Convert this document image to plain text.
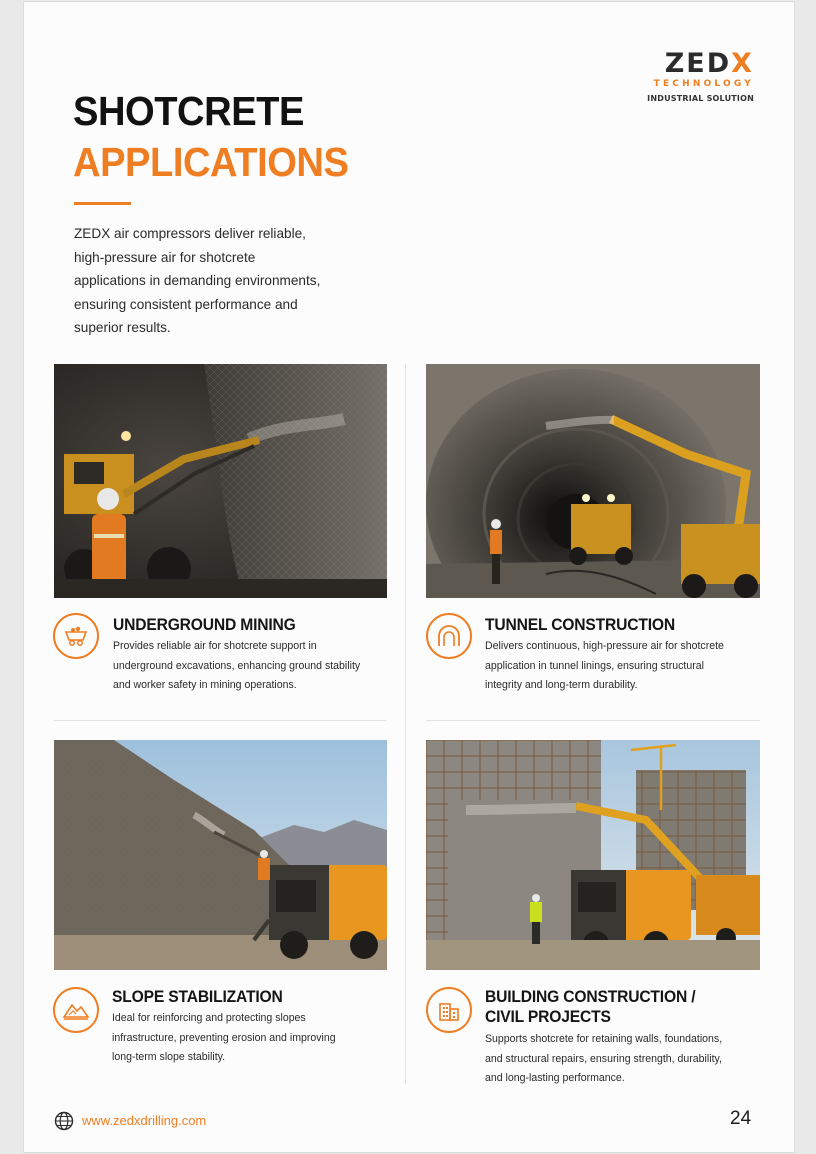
ZEDX
TECHNOLOGY
INDUSTRIAL SOLUTION
SHOTCRETE
APPLICATIONS

ZEDX air compressors deliver reliable, high-pressure air for shotcrete applications in demanding environments, ensuring consistent performance and superior results.

UNDERGROUND MINING

Provides reliable air for shotcrete support in underground excavations, enhancing ground stability and worker safety in mining operations.

TUNNEL CONSTRUCTION

Delivers continuous, high-pressure air for shotcrete application in tunnel linings, ensuring structural integrity and long-term durability.

SLOPE STABILIZATION

Ideal for reinforcing and protecting slopes infrastructure, preventing erosion and improving long-term slope stability.

BUILDING CONSTRUCTION /
CIVIL PROJECTS

Supports shotcrete for retaining walls, foundations, and structural repairs, ensuring strength, durability, and long-lasting performance.

www.zedxdrilling.com	24
